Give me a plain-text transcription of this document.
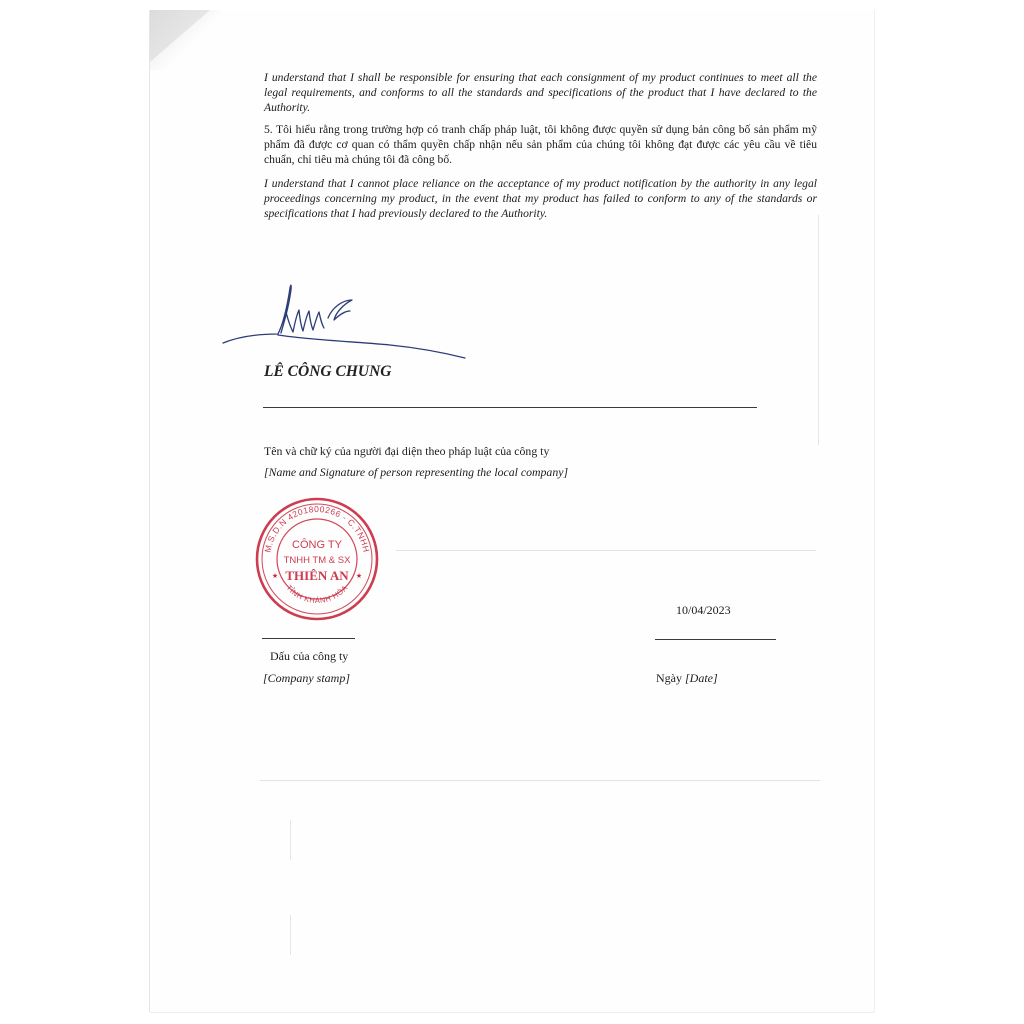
I understand that I shall be responsible for ensuring that each consignment of my product continues to meet all the legal requirements, and conforms to all the standards and specifications of the product that I have declared to the Authority.
5. Tôi hiểu rằng trong trường hợp có tranh chấp pháp luật, tôi không được quyền sử dụng bản công bố sản phẩm mỹ phẩm đã được cơ quan có thẩm quyền chấp nhận nếu sản phẩm của chúng tôi không đạt được các yêu cầu về tiêu chuẩn, chỉ tiêu mà chúng tôi đã công bố.
I understand that I cannot place reliance on the acceptance of my product notification by the authority in any legal proceedings concerning my product, in the event that my product has failed to conform to any of the standards or specifications that I had previously declared to the Authority.
LÊ CÔNG CHUNG
Tên và chữ ký của người đại diện theo pháp luật của công ty
[Name and Signature of person representing the local company]
M.S.D.N 4201800266 - C.TNHH
TỈNH KHÁNH HÒA
CÔNG TY
TNHH TM & SX
THIÊN AN
★	★
10/04/2023
Dấu của công ty
[Company stamp]	Ngày [Date]
